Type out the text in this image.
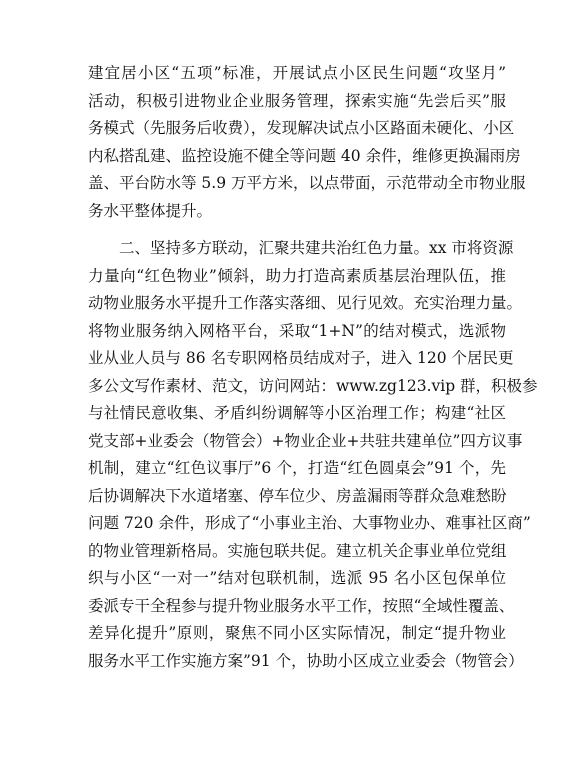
建宜居小区“五项”标准，开展试点小区民生问题“攻坚月”
活动，积极引进物业企业服务管理，探索实施“先尝后买”服
务模式（先服务后收费），发现解决试点小区路面未硬化、小区
内私搭乱建、监控设施不健全等问题 40 余件，维修更换漏雨房
盖、平台防水等 5.9 万平方米，以点带面，示范带动全市物业服
务水平整体提升。
二、坚持多方联动，汇聚共建共治红色力量。xx 市将资源
力量向“红色物业”倾斜，助力打造高素质基层治理队伍，推
动物业服务水平提升工作落实落细、见行见效。充实治理力量。
将物业服务纳入网格平台，采取“1+N”的结对模式，选派物
业从业人员与 86 名专职网格员结成对子，进入 120 个居民更
多公文写作素材、范文，访问网站：www.zg123.vip 群，积极参
与社情民意收集、矛盾纠纷调解等小区治理工作；构建“社区
党支部+业委会（物管会）+物业企业+共驻共建单位”四方议事
机制，建立“红色议事厅”6 个，打造“红色圆桌会”91 个，先
后协调解决下水道堵塞、停车位少、房盖漏雨等群众急难愁盼
问题 720 余件，形成了“小事业主治、大事物业办、难事社区商”
的物业管理新格局。实施包联共促。建立机关企事业单位党组
织与小区“一对一”结对包联机制，选派 95 名小区包保单位
委派专干全程参与提升物业服务水平工作，按照“全域性覆盖、
差异化提升”原则，聚焦不同小区实际情况，制定“提升物业
服务水平工作实施方案”91 个，协助小区成立业委会（物管会）
